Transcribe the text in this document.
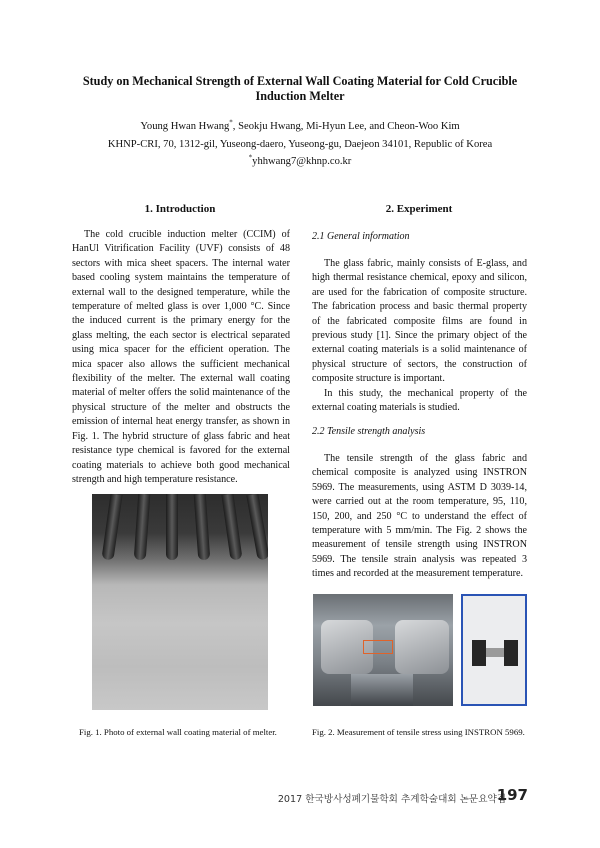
Study on Mechanical Strength of External Wall Coating Material for Cold Crucible Induction Melter
Young Hwan Hwang*, Seokju Hwang, Mi-Hyun Lee, and Cheon-Woo Kim
KHNP-CRI, 70, 1312-gil, Yuseong-daero, Yuseong-gu, Daejeon 34101, Republic of Korea
*yhhwang7@khnp.co.kr
1. Introduction

The cold crucible induction melter (CCIM) of HanUl Vitrification Facility (UVF) consists of 48 sectors with mica sheet spacers. The internal water based cooling system maintains the temperature of external wall to the designed temperature, while the temperature of melted glass is over 1,000 °C. Since the induced current is the primary energy for the glass melting, the each sector is electrical separated using mica spacer for the efficient operation. The mica spacer also allows the sufficient mechanical flexibility of the melter. The external wall coating material of melter offers the solid maintenance of the physical structure of the melter and obstructs the emission of internal heat energy transfer, as shown in Fig. 1. The hybrid structure of glass fabric and heat resistance type chemical is favored for the external coating materials to achieve both good mechanical strength and high temperature resistance.

Fig. 1. Photo of external wall coating material of melter.
2. Experiment
2.1 General information

The glass fabric, mainly consists of E-glass, and high thermal resistance chemical, epoxy and silicon, are used for the fabrication of composite structure. The fabrication process and basic thermal property of the fabricated composite films are found in previous study [1]. Since the primary object of the external coating materials is a solid maintenance of physical structure of sectors, the construction of composite structure is important.

In this study, the mechanical property of the external coating materials is studied.

2.2 Tensile strength analysis

The tensile strength of the glass fabric and chemical composite is analyzed using INSTRON 5969. The measurements, using ASTM D 3039-14, were carried out at the room temperature, 95, 110, 150, 200, and 250 °C to understand the effect of temperature with 5 mm/min. The Fig. 2 shows the measurement of tensile strength using INSTRON 5969. The tensile strain analysis was repeated 3 times and recorded at the measurement temperature.

Fig. 2. Measurement of tensile stress using INSTRON 5969.
2017 한국방사성폐기물학회 추계학술대회 논문요약집
197
